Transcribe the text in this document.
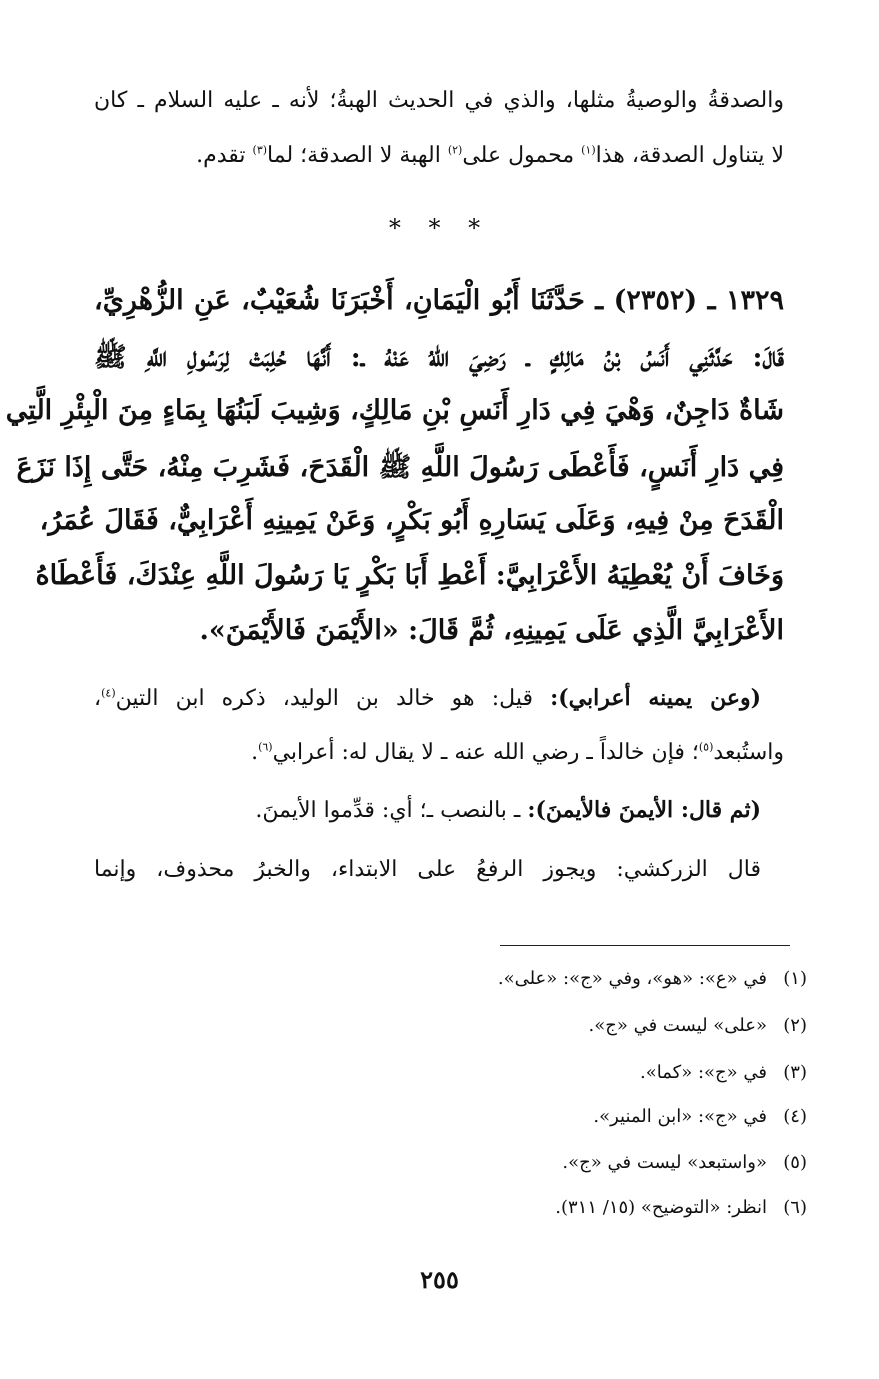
والصدقةُ والوصيةُ مثلها، والذي في الحديث الهبةُ؛ لأنه ـ عليه السلام ـ كان
لا يتناول الصدقة، هذا$^{(١)}$ محمول على$^{(٢)}$ الهبة لا الصدقة؛ لما$^{(٣)}$ تقدم.
* * *
١٣٢٩ ـ (٢٣٥٢) ـ حَدَّثَنَا أَبُو الْيَمَانِ، أَخْبَرَنَا شُعَيْبٌ، عَنِ الزُّهْرِيِّ،
قَالَ: حَدَّثَنِي أَنَسُ بْنُ مَالِكٍ ـ رَضِيَ اللهُ عَنْهُ ـ: أَنَّهَا حُلِبَتْ لِرَسُولِ اللَّهِ ﷺ
شَاةٌ دَاجِنٌ، وَهْيَ فِي دَارِ أَنَسِ بْنِ مَالِكٍ، وَشِيبَ لَبَنُهَا بِمَاءٍ مِنَ الْبِئْرِ الَّتِي
فِي دَارِ أَنَسٍ، فَأَعْطَى رَسُولَ اللَّهِ ﷺ الْقَدَحَ، فَشَرِبَ مِنْهُ، حَتَّى إِذَا نَزَعَ
الْقَدَحَ مِنْ فِيهِ، وَعَلَى يَسَارِهِ أَبُو بَكْرٍ، وَعَنْ يَمِينِهِ أَعْرَابِيٌّ، فَقَالَ عُمَرُ،
وَخَافَ أَنْ يُعْطِيَهُ الأَعْرَابِيَّ: أَعْطِ أَبَا بَكْرٍ يَا رَسُولَ اللَّهِ عِنْدَكَ، فَأَعْطَاهُ
الأَعْرَابِيَّ الَّذِي عَلَى يَمِينِهِ، ثُمَّ قَالَ: «الأَيْمَنَ فَالأَيْمَنَ».
(وعن يمينه أعرابي): قيل: هو خالد بن الوليد، ذكره ابن التين$^{(٤)}$،
واستُبعد$^{(٥)}$؛ فإن خالداً ـ رضي الله عنه ـ لا يقال له: أعرابي$^{(٦)}$.
(ثم قال: الأيمنَ فالأيمنَ): ـ بالنصب ـ؛ أي: قدِّموا الأيمنَ.
قال الزركشي: ويجوز الرفعُ على الابتداء، والخبرُ محذوف، وإنما
(١)في «ع»: «هو»، وفي «ج»: «على».
(٢)«على» ليست في «ج».
(٣)في «ج»: «كما».
(٤)في «ج»: «ابن المنير».
(٥)«واستبعد» ليست في «ج».
(٦)انظر: «التوضيح» (١٥/ ٣١١).
٢٥٥
